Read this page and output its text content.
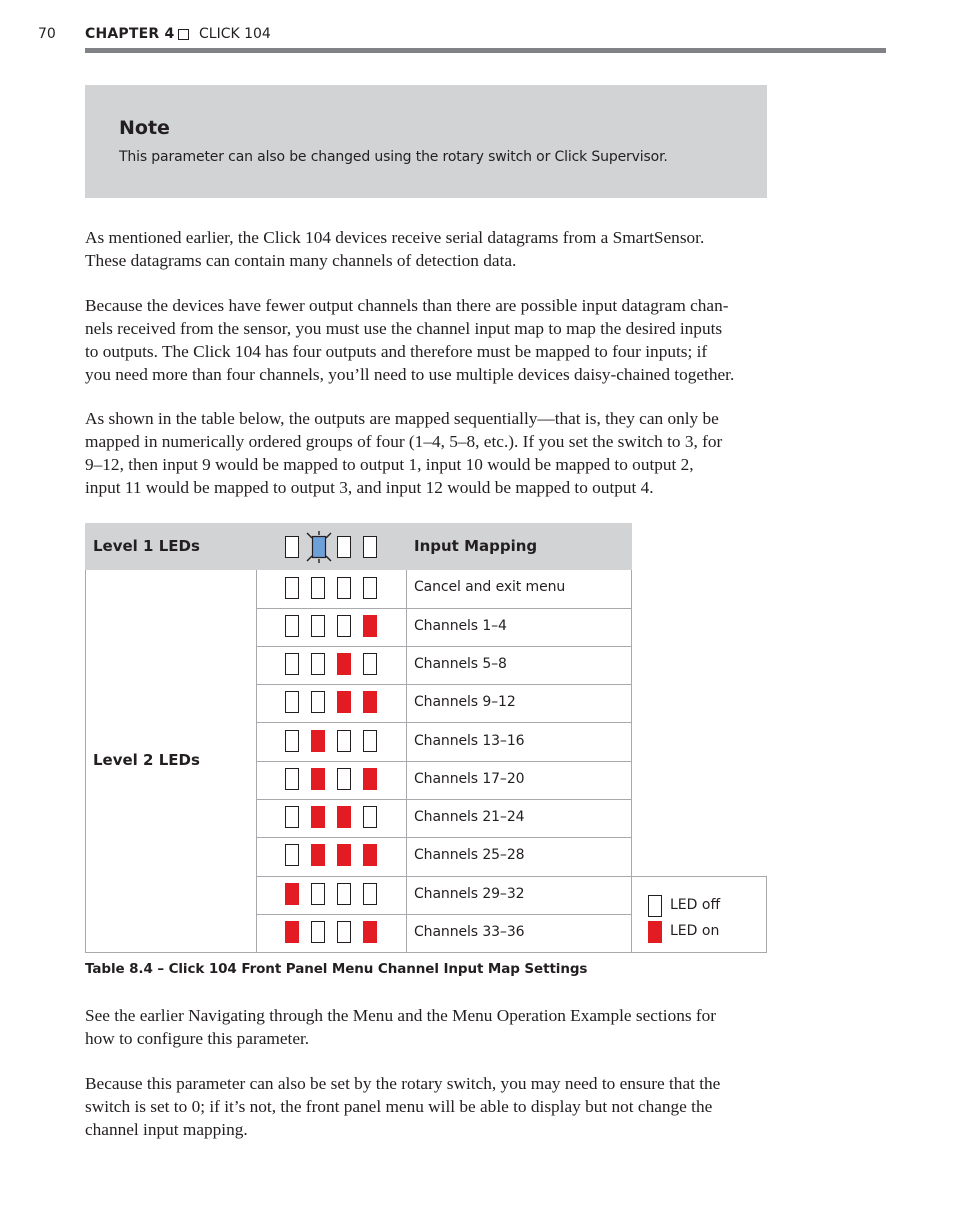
70 CHAPTER 4 CLICK 104
Note
This parameter can also be changed using the rotary switch or Click Supervisor.
As mentioned earlier, the Click 104 devices receive serial datagrams from a SmartSensor.
These datagrams can contain many channels of detection data.
Because the devices have fewer output channels than there are possible input datagram chan-
nels received from the sensor, you must use the channel input map to map the desired inputs
to outputs. The Click 104 has four outputs and therefore must be mapped to four inputs; if
you need more than four channels, you’ll need to use multiple devices daisy-chained together.
As shown in the table below, the outputs are mapped sequentially—that is, they can only be
mapped in numerically ordered groups of four (1–4, 5–8, etc.). If you set the switch to 3, for
9–12, then input 9 would be mapped to output 1, input 10 would be mapped to output 2,
input 11 would be mapped to output 3, and input 12 would be mapped to output 4.
Level 1 LEDs	Input Mapping
Level 2 LEDs
Cancel and exit menu
Channels 1–4
Channels 5–8
Channels 9–12
Channels 13–16
Channels 17–20
Channels 21–24
Channels 25–28
Channels 29–32
Channels 33–36
LED off
LED on
Table 8.4 – Click 104 Front Panel Menu Channel Input Map Settings
See the earlier Navigating through the Menu and the Menu Operation Example sections for
how to configure this parameter.
Because this parameter can also be set by the rotary switch, you may need to ensure that the
switch is set to 0; if it’s not, the front panel menu will be able to display but not change the
channel input mapping.
